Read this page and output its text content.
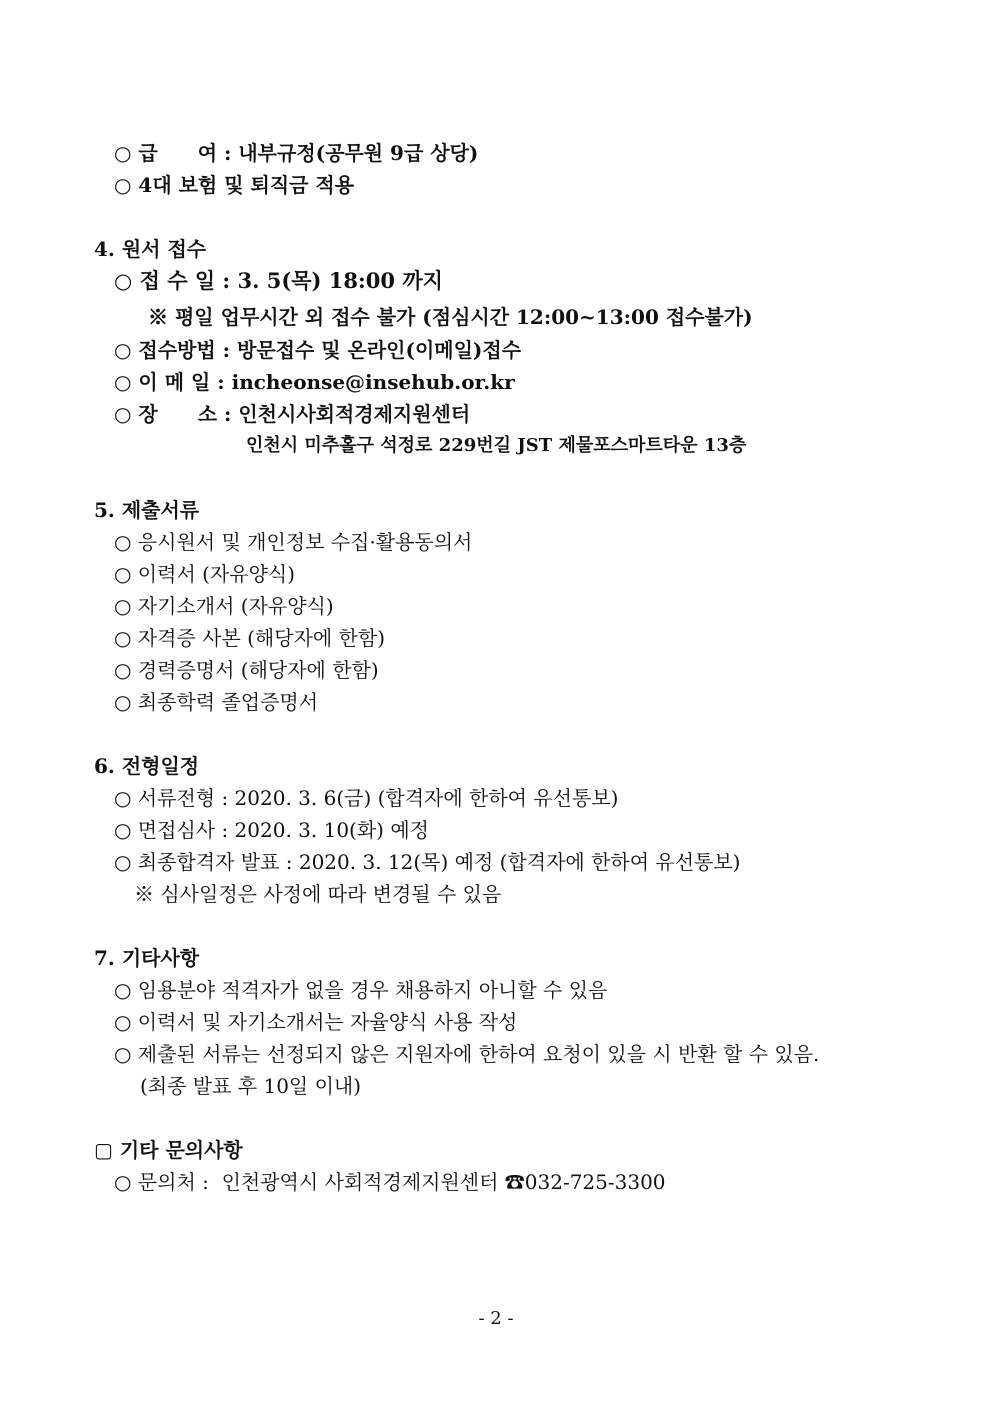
○ 급　　여 : 내부규정(공무원 9급 상당)
○ 4대 보험 및 퇴직금 적용
4. 원서 접수
○ 접 수 일 : 3. 5(목) 18:00 까지
※ 평일 업무시간 외 접수 불가 (점심시간 12:00~13:00 접수불가)
○ 접수방법 : 방문접수 및 온라인(이메일)접수
○ 이 메 일 : incheonse@insehub.or.kr
○ 장　　소 : 인천시사회적경제지원센터
인천시 미추홀구 석정로 229번길 JST 제물포스마트타운 13층
5. 제출서류
○ 응시원서 및 개인정보 수집·활용동의서
○ 이력서 (자유양식)
○ 자기소개서 (자유양식)
○ 자격증 사본 (해당자에 한함)
○ 경력증명서 (해당자에 한함)
○ 최종학력 졸업증명서
6. 전형일정
○ 서류전형 : 2020. 3. 6(금) (합격자에 한하여 유선통보)
○ 면접심사 : 2020. 3. 10(화) 예정
○ 최종합격자 발표 : 2020. 3. 12(목) 예정 (합격자에 한하여 유선통보)
※ 심사일정은 사정에 따라 변경될 수 있음
7. 기타사항
○ 임용분야 적격자가 없을 경우 채용하지 아니할 수 있음
○ 이력서 및 자기소개서는 자율양식 사용 작성
○ 제출된 서류는 선정되지 않은 지원자에 한하여 요청이 있을 시 반환 할 수 있음.
(최종 발표 후 10일 이내)
▢ 기타 문의사항
○ 문의처 :  인천광역시 사회적경제지원센터 ☎032-725-3300
- 2 -
